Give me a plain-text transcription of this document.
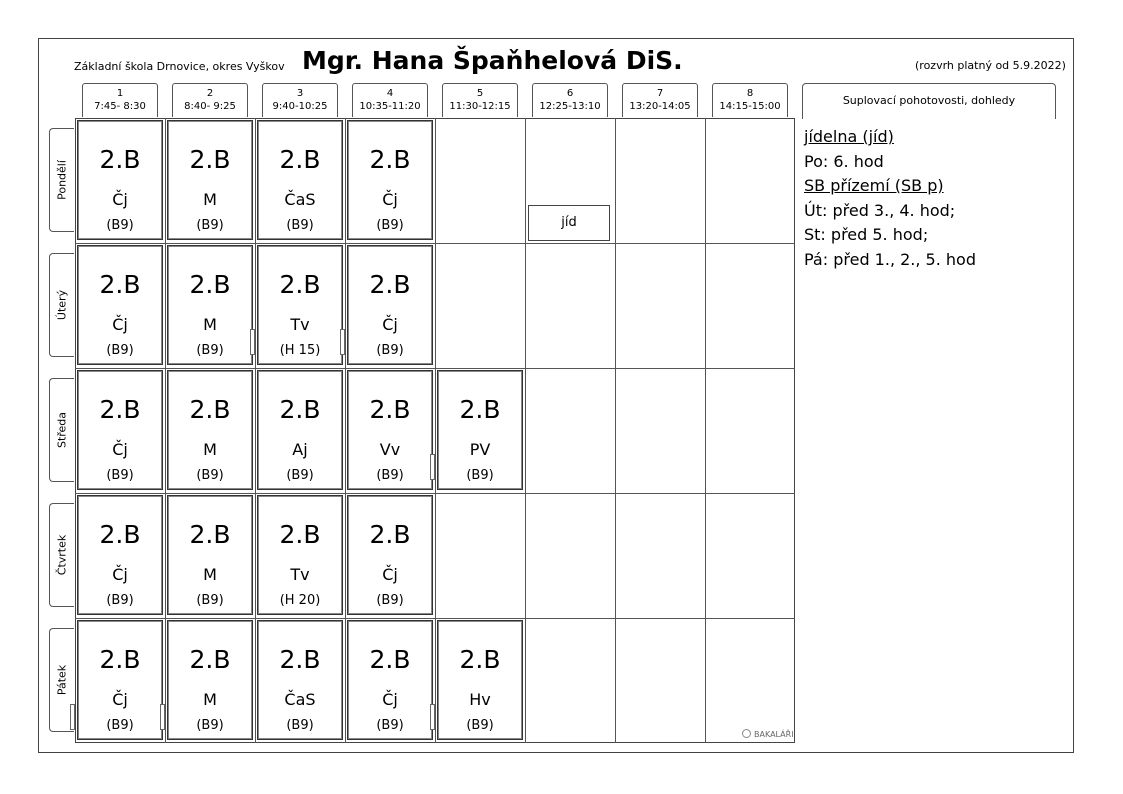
Základní škola Drnovice, okres Vyškov Mgr. Hana Špaňhelová DiS.	(rozvrh platný od 5.9.2022)
1
7:45- 8:30
2
8:40- 9:25
3
9:40-10:25
4
10:35-11:20
5
11:30-12:15
6
12:25-13:10
7
13:20-14:05
8
14:15-15:00	Suplovací pohotovosti, dohledy
Pondělí
Úterý
Středa
Čtvrtek
Pátek
2.B
Čj
(B9)
2.B
M
(B9)
2.B
ČaS
(B9)
2.B
Čj
(B9)
2.B
Čj
(B9)
2.B
M
(B9)
2.B
Tv
(H 15)
2.B
Čj
(B9)
2.B
Čj
(B9)
2.B
M
(B9)
2.B
Aj
(B9)
2.B
Vv
(B9)
2.B
PV
(B9)
2.B
Čj
(B9)
2.B
M
(B9)
2.B
Tv
(H 20)
2.B
Čj
(B9)
2.B
Čj
(B9)
2.B
M
(B9)
2.B
ČaS
(B9)
2.B
Čj
(B9)
2.B
Hv
(B9)
jíd
jídelna (jíd)
Po: 6. hod
SB přízemí (SB p)
Út: před 3., 4. hod;
St: před 5. hod;
Pá: před 1., 2., 5. hod
BAKALÁŘI
